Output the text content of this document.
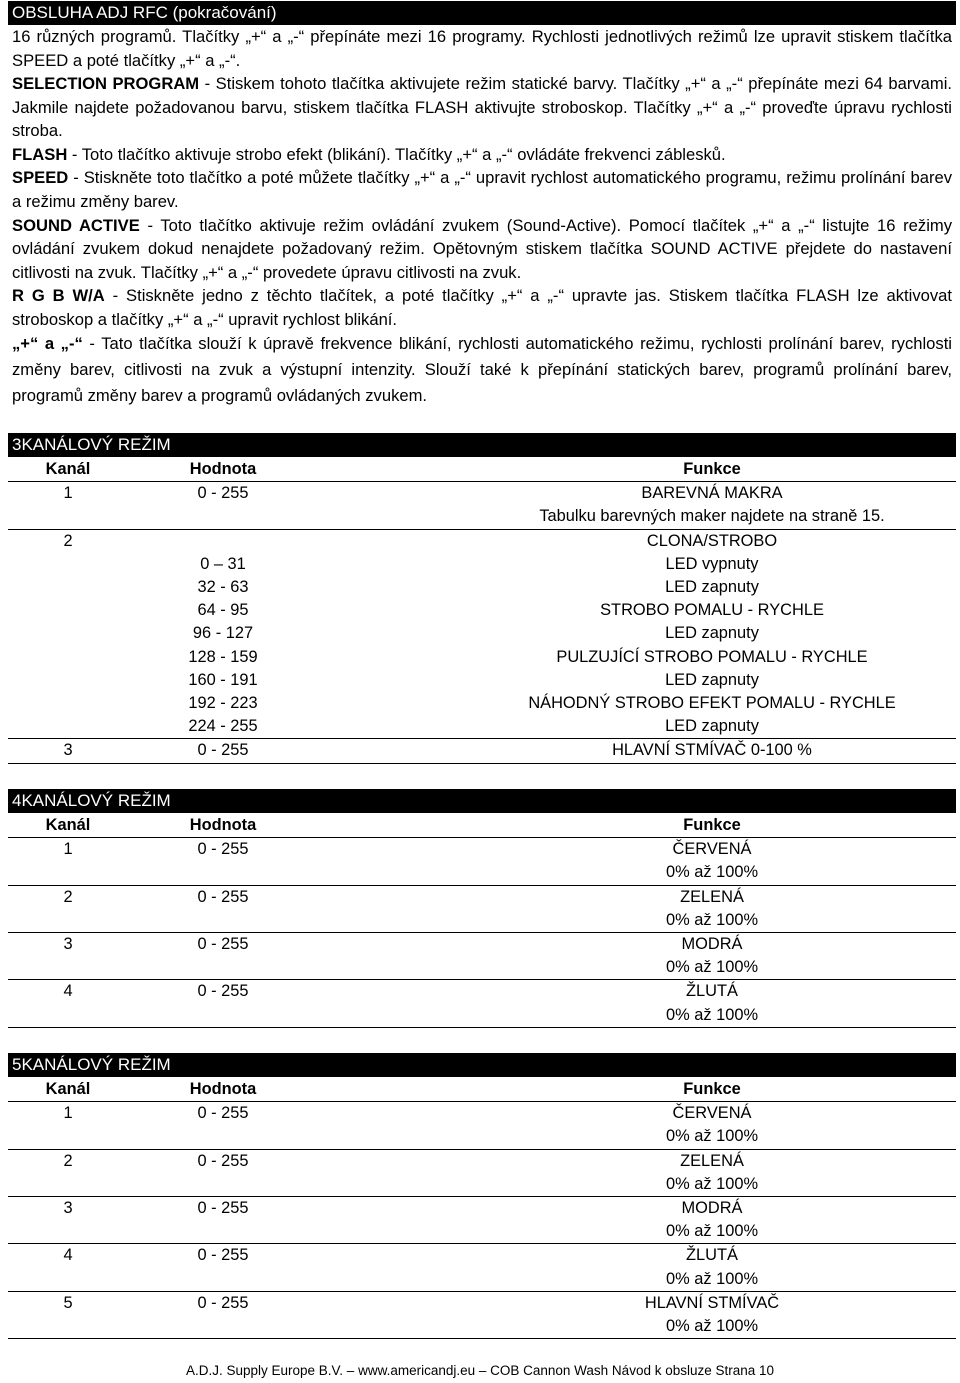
OBSLUHA ADJ RFC (pokračování)

16 různých programů. Tlačítky „+“ a „-“ přepínáte mezi 16 programy. Rychlosti jednotlivých režimů lze upravit stiskem tlačítka SPEED a poté tlačítky „+“ a „-“.

SELECTION PROGRAM - Stiskem tohoto tlačítka aktivujete režim statické barvy. Tlačítky „+“ a „-“ přepínáte mezi 64 barvami. Jakmile najdete požadovanou barvu, stiskem tlačítka FLASH aktivujte stroboskop. Tlačítky „+“ a „-“ proveďte úpravu rychlosti stroba.

FLASH - Toto tlačítko aktivuje strobo efekt (blikání). Tlačítky „+“ a „-“ ovládáte frekvenci záblesků.

SPEED - Stiskněte toto tlačítko a poté můžete tlačítky „+“ a „-“ upravit rychlost automatického programu, režimu prolínání barev a režimu změny barev.

SOUND ACTIVE - Toto tlačítko aktivuje režim ovládání zvukem (Sound-Active). Pomocí tlačítek „+“ a „-“ listujte 16 režimy ovládání zvukem dokud nenajdete požadovaný režim. Opětovným stiskem tlačítka SOUND ACTIVE přejdete do nastavení citlivosti na zvuk. Tlačítky „+“ a „-“ provedete úpravu citlivosti na zvuk.

R G B W/A - Stiskněte jedno z těchto tlačítek, a poté tlačítky „+“ a „-“ upravte jas. Stiskem tlačítka FLASH lze aktivovat stroboskop a tlačítky „+“ a „-“ upravit rychlost blikání.

„+“ a „-“ - Tato tlačítka slouží k úpravě frekvence blikání, rychlosti automatického režimu, rychlosti prolínání barev, rychlosti změny barev, citlivosti na zvuk a výstupní intenzity. Slouží také k přepínání statických barev, programů prolínání barev, programů změny barev a programů ovládaných zvukem.

3KANÁLOVÝ REŽIM
Kanál	Hodnota	Funkce
1	0 - 255	BAREVNÁ MAKRA
		Tabulku barevných maker najdete na straně 15.
2		CLONA/STROBO
	0 – 31	LED vypnuty
	32 - 63	LED zapnuty
	64 - 95	STROBO POMALU - RYCHLE
	96 - 127	LED zapnuty
	128 - 159	PULZUJÍCÍ STROBO POMALU - RYCHLE
	160 - 191	LED zapnuty
	192 - 223	NÁHODNÝ STROBO EFEKT POMALU - RYCHLE
	224 - 255	LED zapnuty
3	0 - 255	HLAVNÍ STMÍVAČ 0-100 %
4KANÁLOVÝ REŽIM
Kanál	Hodnota	Funkce
1	0 - 255	ČERVENÁ
		0% až 100%
2	0 - 255	ZELENÁ
		0% až 100%
3	0 - 255	MODRÁ
		0% až 100%
4	0 - 255	ŽLUTÁ
		0% až 100%
5KANÁLOVÝ REŽIM
Kanál	Hodnota	Funkce
1	0 - 255	ČERVENÁ
		0% až 100%
2	0 - 255	ZELENÁ
		0% až 100%
3	0 - 255	MODRÁ
		0% až 100%
4	0 - 255	ŽLUTÁ
		0% až 100%
5	0 - 255	HLAVNÍ STMÍVAČ
		0% až 100%
A.D.J. Supply Europe B.V. – www.americandj.eu – COB Cannon Wash Návod k obsluze Strana 10
